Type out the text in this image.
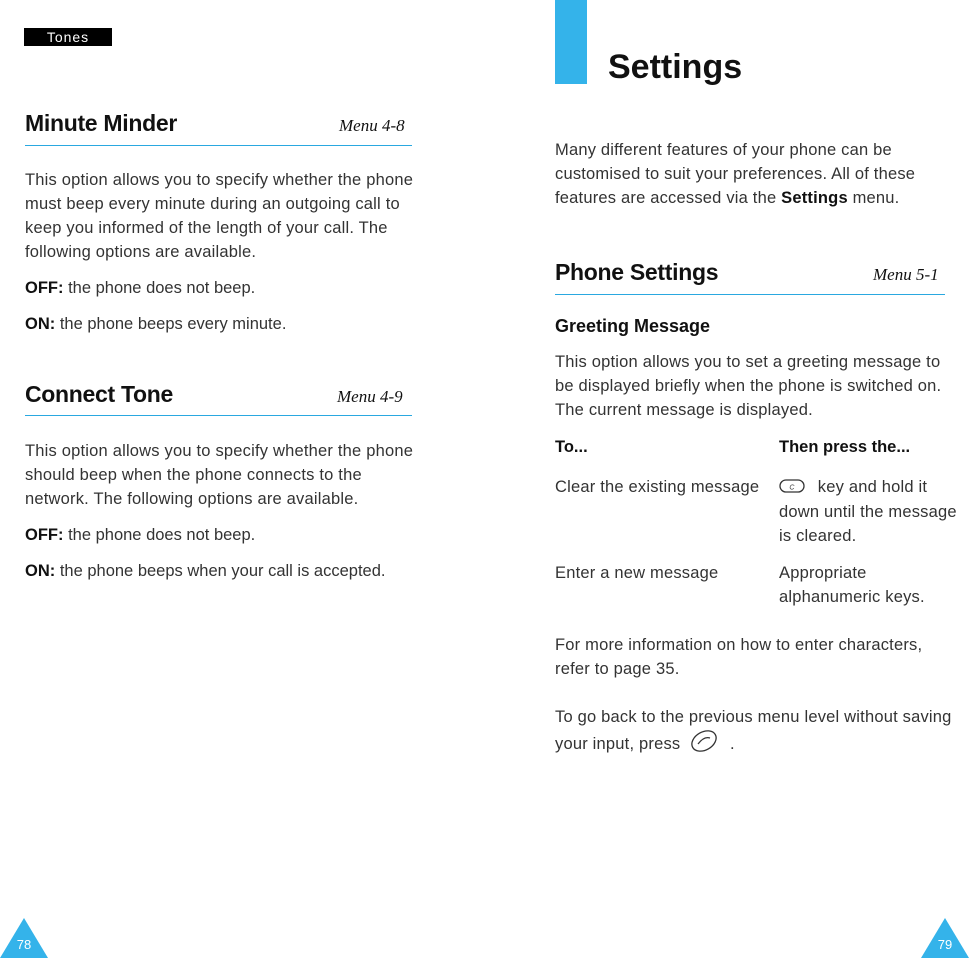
Tones
Minute Minder	Menu 4-8
This option allows you to specify whether the phone
must beep every minute during an outgoing call to
keep you informed of the length of your call. The
following options are available.
OFF: the phone does not beep.
ON: the phone beeps every minute.
Connect Tone	Menu 4-9
This option allows you to specify whether the phone
should beep when the phone connects to the
network. The following options are available.
OFF: the phone does not beep.
ON: the phone beeps when your call is accepted.
78
Settings
Many different features of your phone can be
customised to suit your preferences. All of these
features are accessed via the Settings menu.
Phone Settings	Menu 5-1
Greeting Message
This option allows you to set a greeting message to
be displayed briefly when the phone is switched on.
The current message is displayed.
To...	Then press the...
Clear the existing message	C key and hold it
down until the message
is cleared.
Enter a new message	Appropriate
alphanumeric keys.
For more information on how to enter characters,
refer to page 35.
To go back to the previous menu level without saving
your input, press	.
79
